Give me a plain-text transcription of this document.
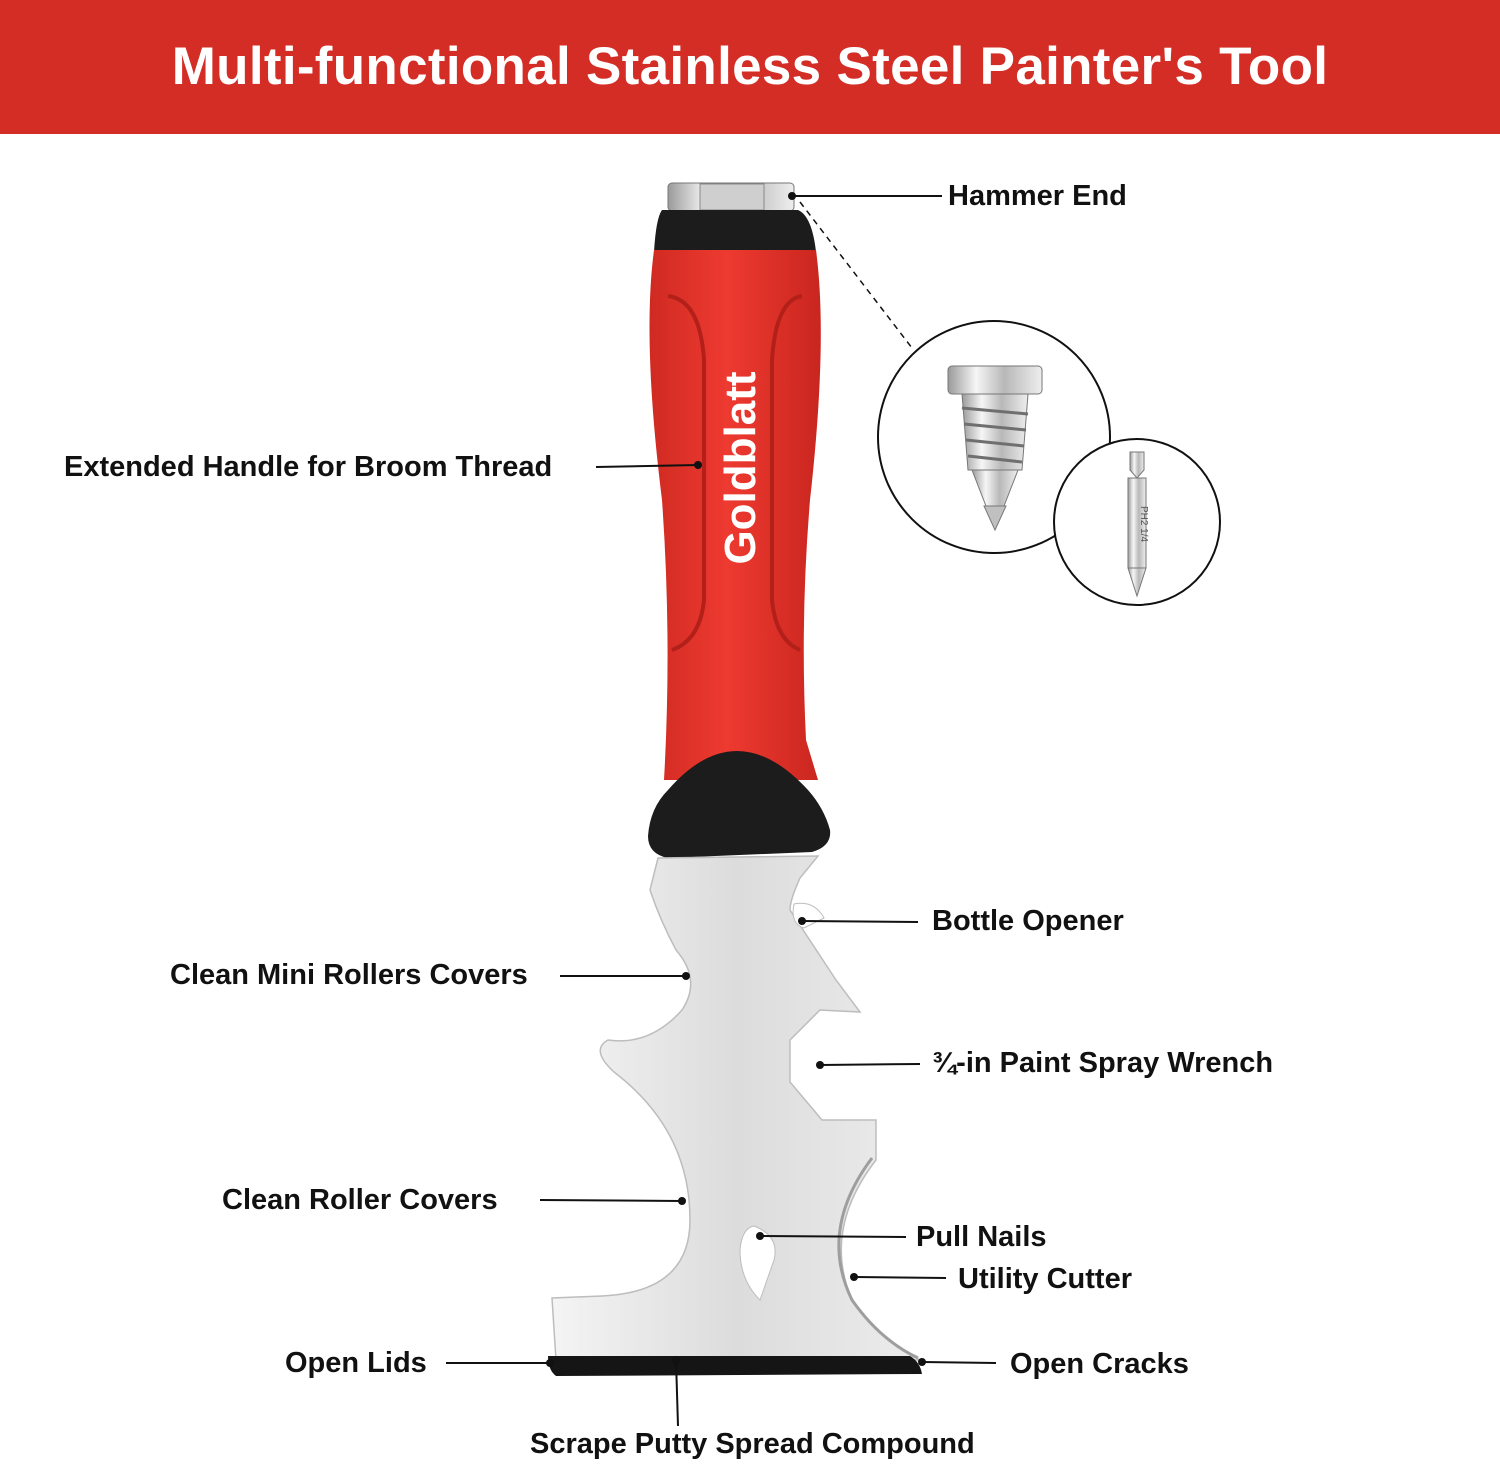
Multi-functional Stainless Steel Painter's Tool
Goldblatt	PH2 1/4
Hammer End
Extended Handle for Broom Thread
Bottle Opener
Clean Mini Rollers Covers
¾-in Paint Spray Wrench
Clean Roller Covers
Pull Nails
Utility Cutter
Open Lids	Open Cracks
Scrape Putty Spread Compound
